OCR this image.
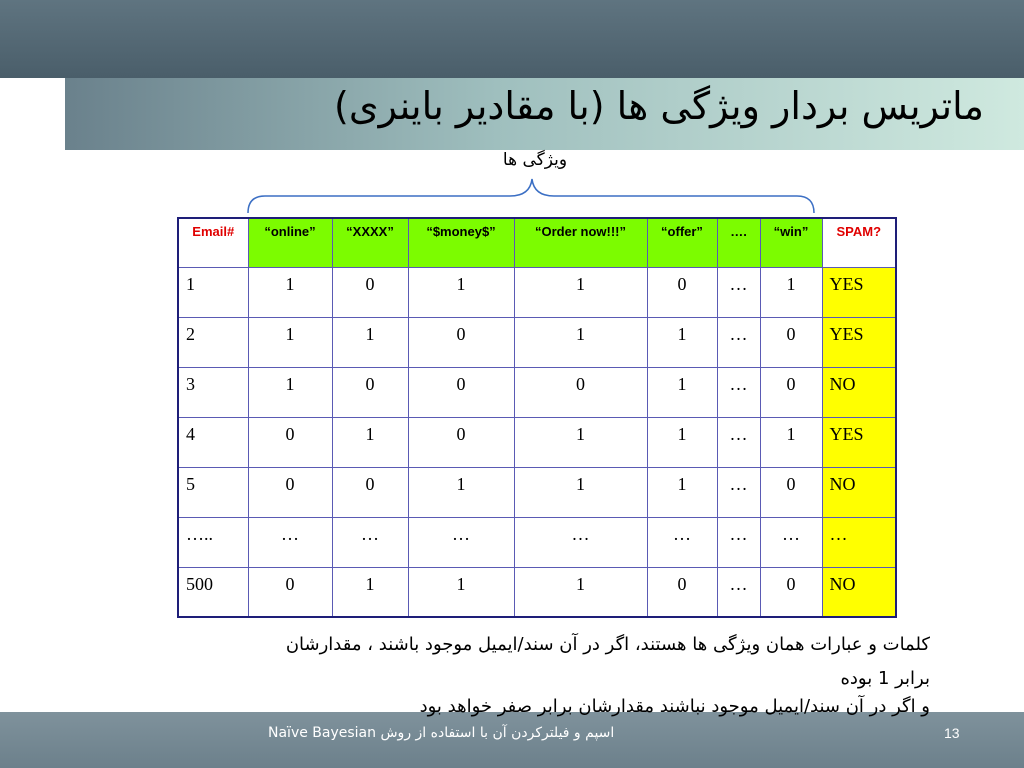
ماتریس بردار ویژگی ها (با مقادیر باینری)
ویژگی ها
Email#	“online”	“XXXX”	“$money$”	“Order now!!!”	“offer”	….	“win”	SPAM?
1	1	0	1	1	0	…	1	YES
2	1	1	0	1	1	…	0	YES
3	1	0	0	0	1	…	0	NO
4	0	1	0	1	1	…	1	YES
5	0	0	1	1	1	…	0	NO
…..	…	…	…	…	…	…	…	…
500	0	1	1	1	0	…	0	NO
کلمات و عبارات همان ویژگی ها هستند، اگر در آن سند/ایمیل موجود باشند ، مقدارشان
برابر 1 بوده
و اگر در آن سند/ایمیل موجود نباشند مقدارشان برابر صفر خواهد بود
Naïve Bayesian اسپم و فیلترکردن آن با استفاده از روش	13
